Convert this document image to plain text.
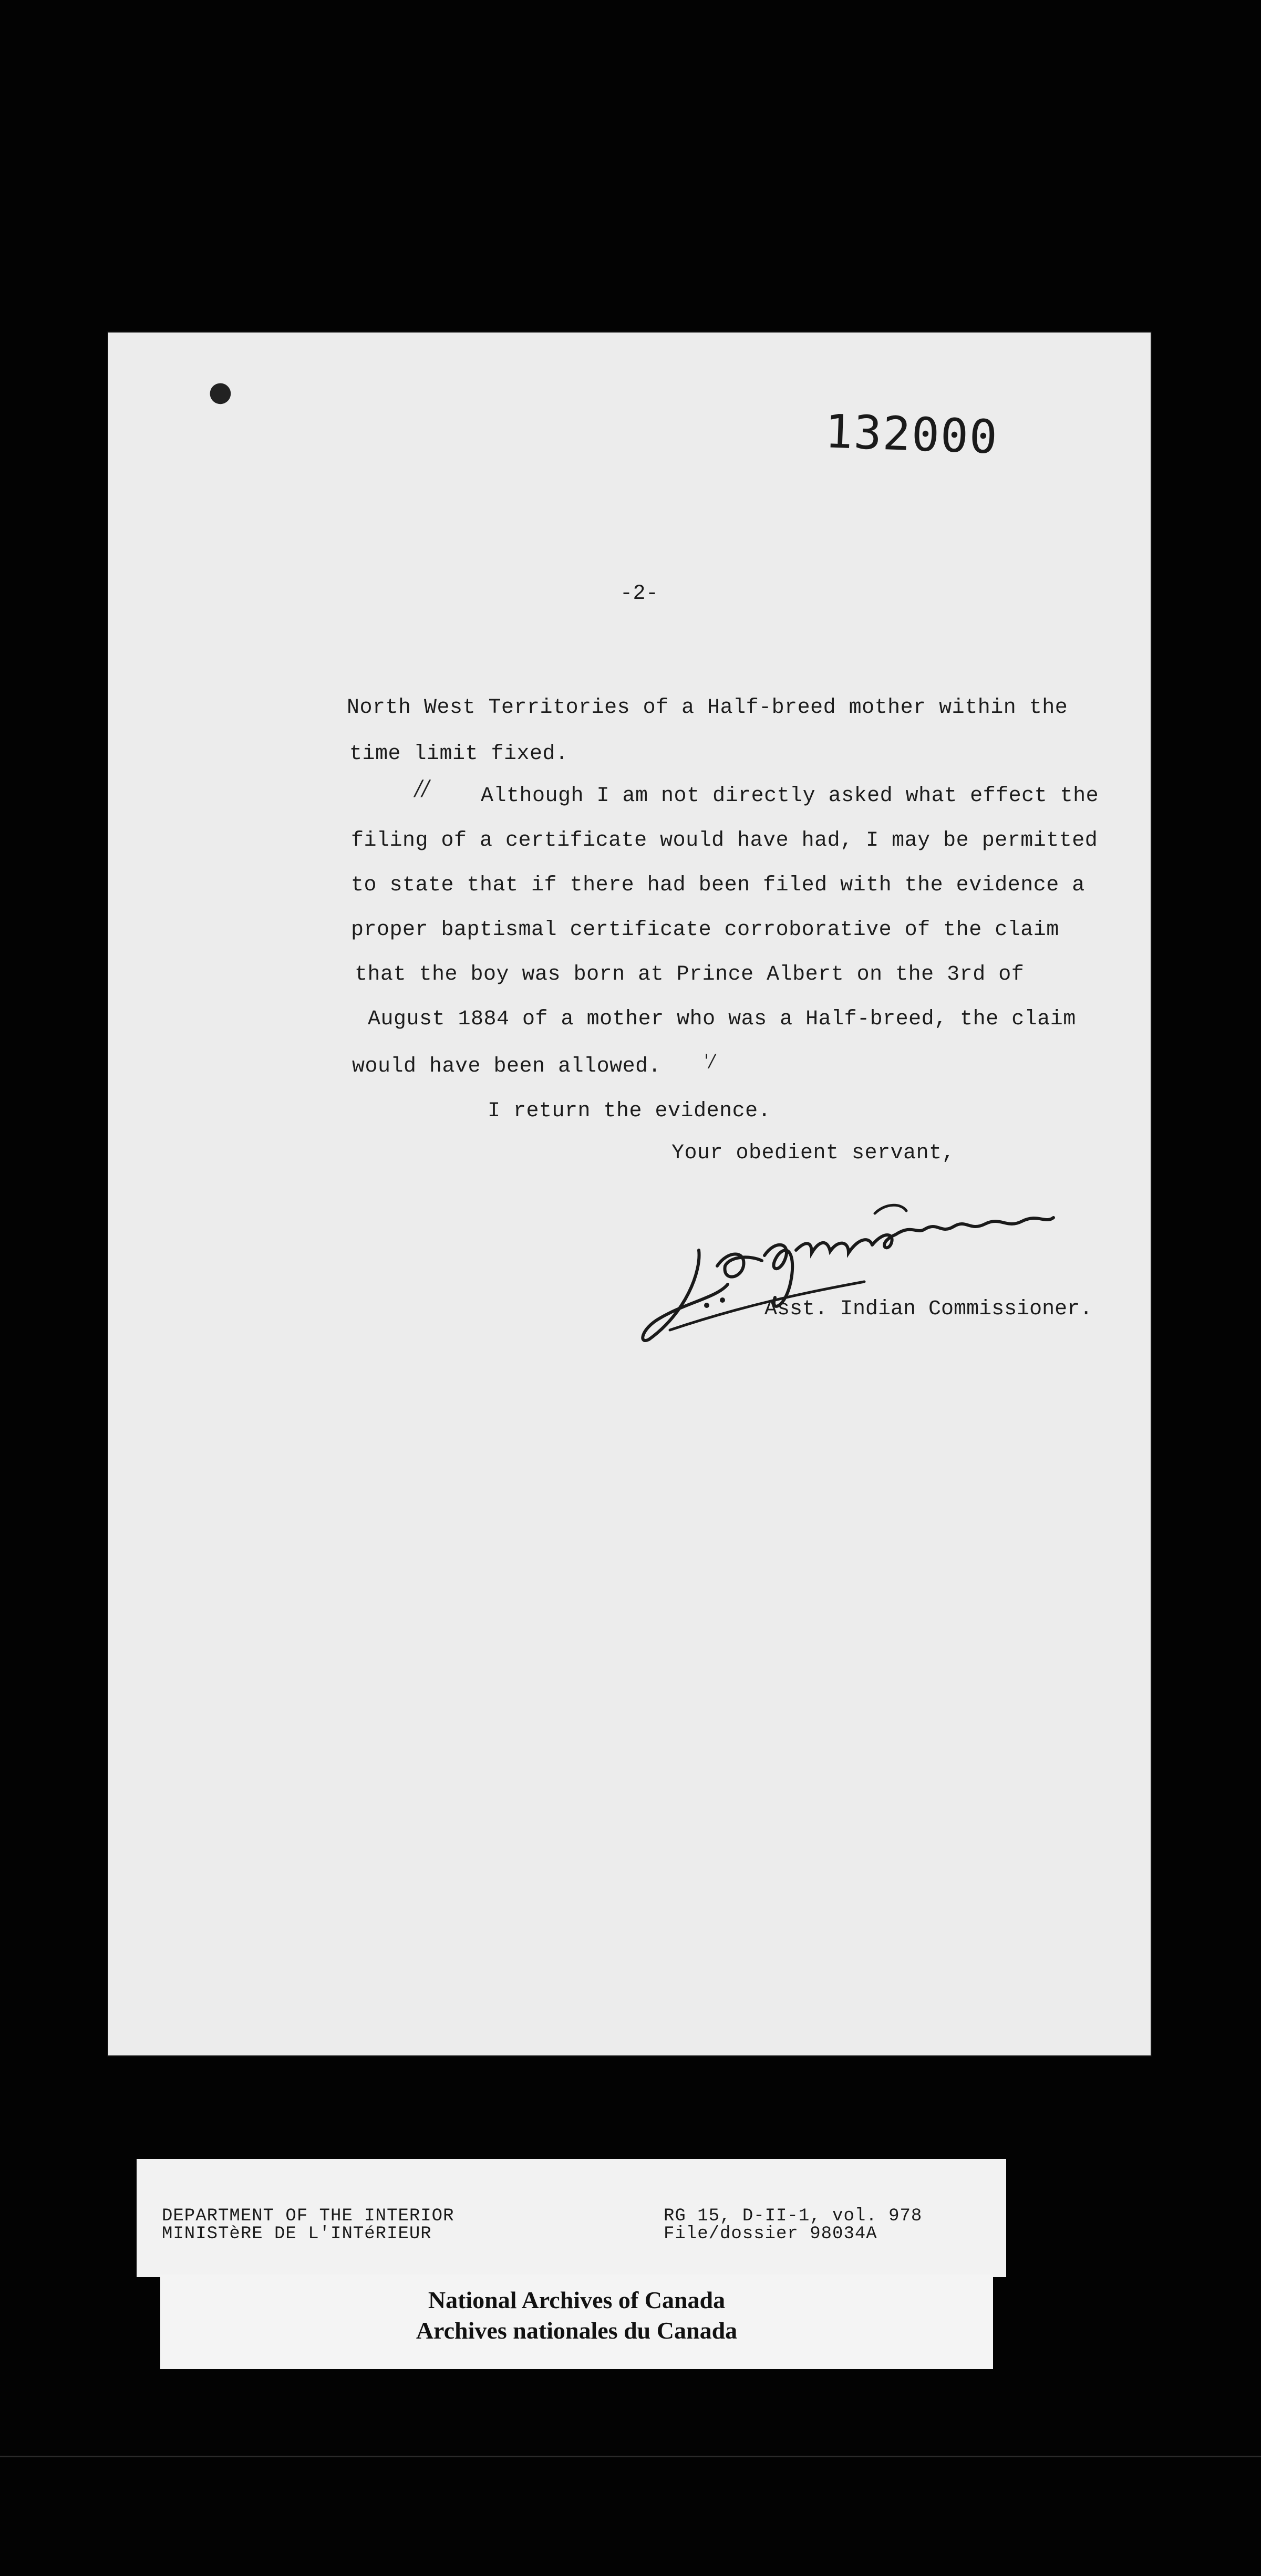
●
132000
-2-
North West Territories of a Half-breed mother within the
time limit fixed.
// Although I am not directly asked what effect the
filing of a certificate would have had, I may be permitted
to state that if there had been filed with the evidence a
proper baptismal certificate corroborative of the claim
that the boy was born at Prince Albert on the 3rd of
August 1884 of a mother who was a Half-breed, the claim
would have been allowed. '/
I return the evidence.
Your obedient servant,
Asst. Indian Commissioner.
DEPARTMENT OF THE INTERIOR
MINISTèRE DE L'INTéRIEUR
RG 15, D-II-1, vol. 978
File/dossier 98034A
National Archives of Canada
Archives nationales du Canada
